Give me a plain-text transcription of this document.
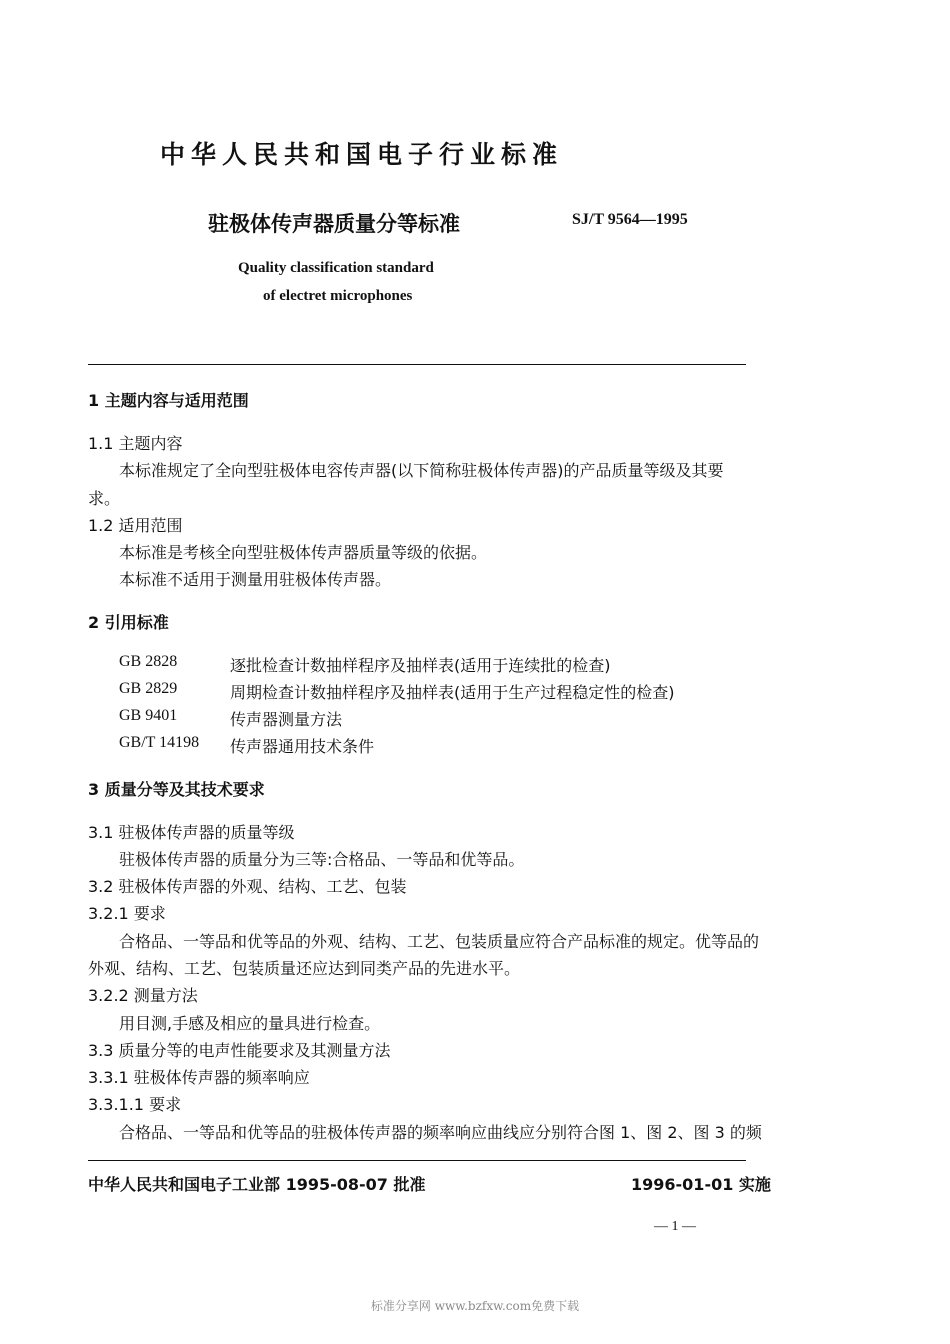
中华人民共和国电子行业标准
驻极体传声器质量分等标准	SJ/T 9564—1995
Quality classification standard
of electret microphones
1 主题内容与适用范围
1.1 主题内容
本标准规定了全向型驻极体电容传声器(以下简称驻极体传声器)的产品质量等级及其要
求。
1.2 适用范围
本标准是考核全向型驻极体传声器质量等级的依据。
本标准不适用于测量用驻极体传声器。
2 引用标准
GB 2828	逐批检查计数抽样程序及抽样表(适用于连续批的检查)
GB 2829	周期检查计数抽样程序及抽样表(适用于生产过程稳定性的检查)
GB 9401	传声器测量方法
GB/T 14198 传声器通用技术条件
3 质量分等及其技术要求
3.1 驻极体传声器的质量等级
驻极体传声器的质量分为三等:合格品、一等品和优等品。
3.2 驻极体传声器的外观、结构、工艺、包装
3.2.1 要求
合格品、一等品和优等品的外观、结构、工艺、包装质量应符合产品标准的规定。优等品的
外观、结构、工艺、包装质量还应达到同类产品的先进水平。
3.2.2 测量方法
用目测,手感及相应的量具进行检查。
3.3 质量分等的电声性能要求及其测量方法
3.3.1 驻极体传声器的频率响应
3.3.1.1 要求
合格品、一等品和优等品的驻极体传声器的频率响应曲线应分别符合图 1、图 2、图 3 的频
中华人民共和国电子工业部 1995-08-07 批准	1996-01-01 实施
— 1 —
标准分享网 www.bzfxw.com免费下载
